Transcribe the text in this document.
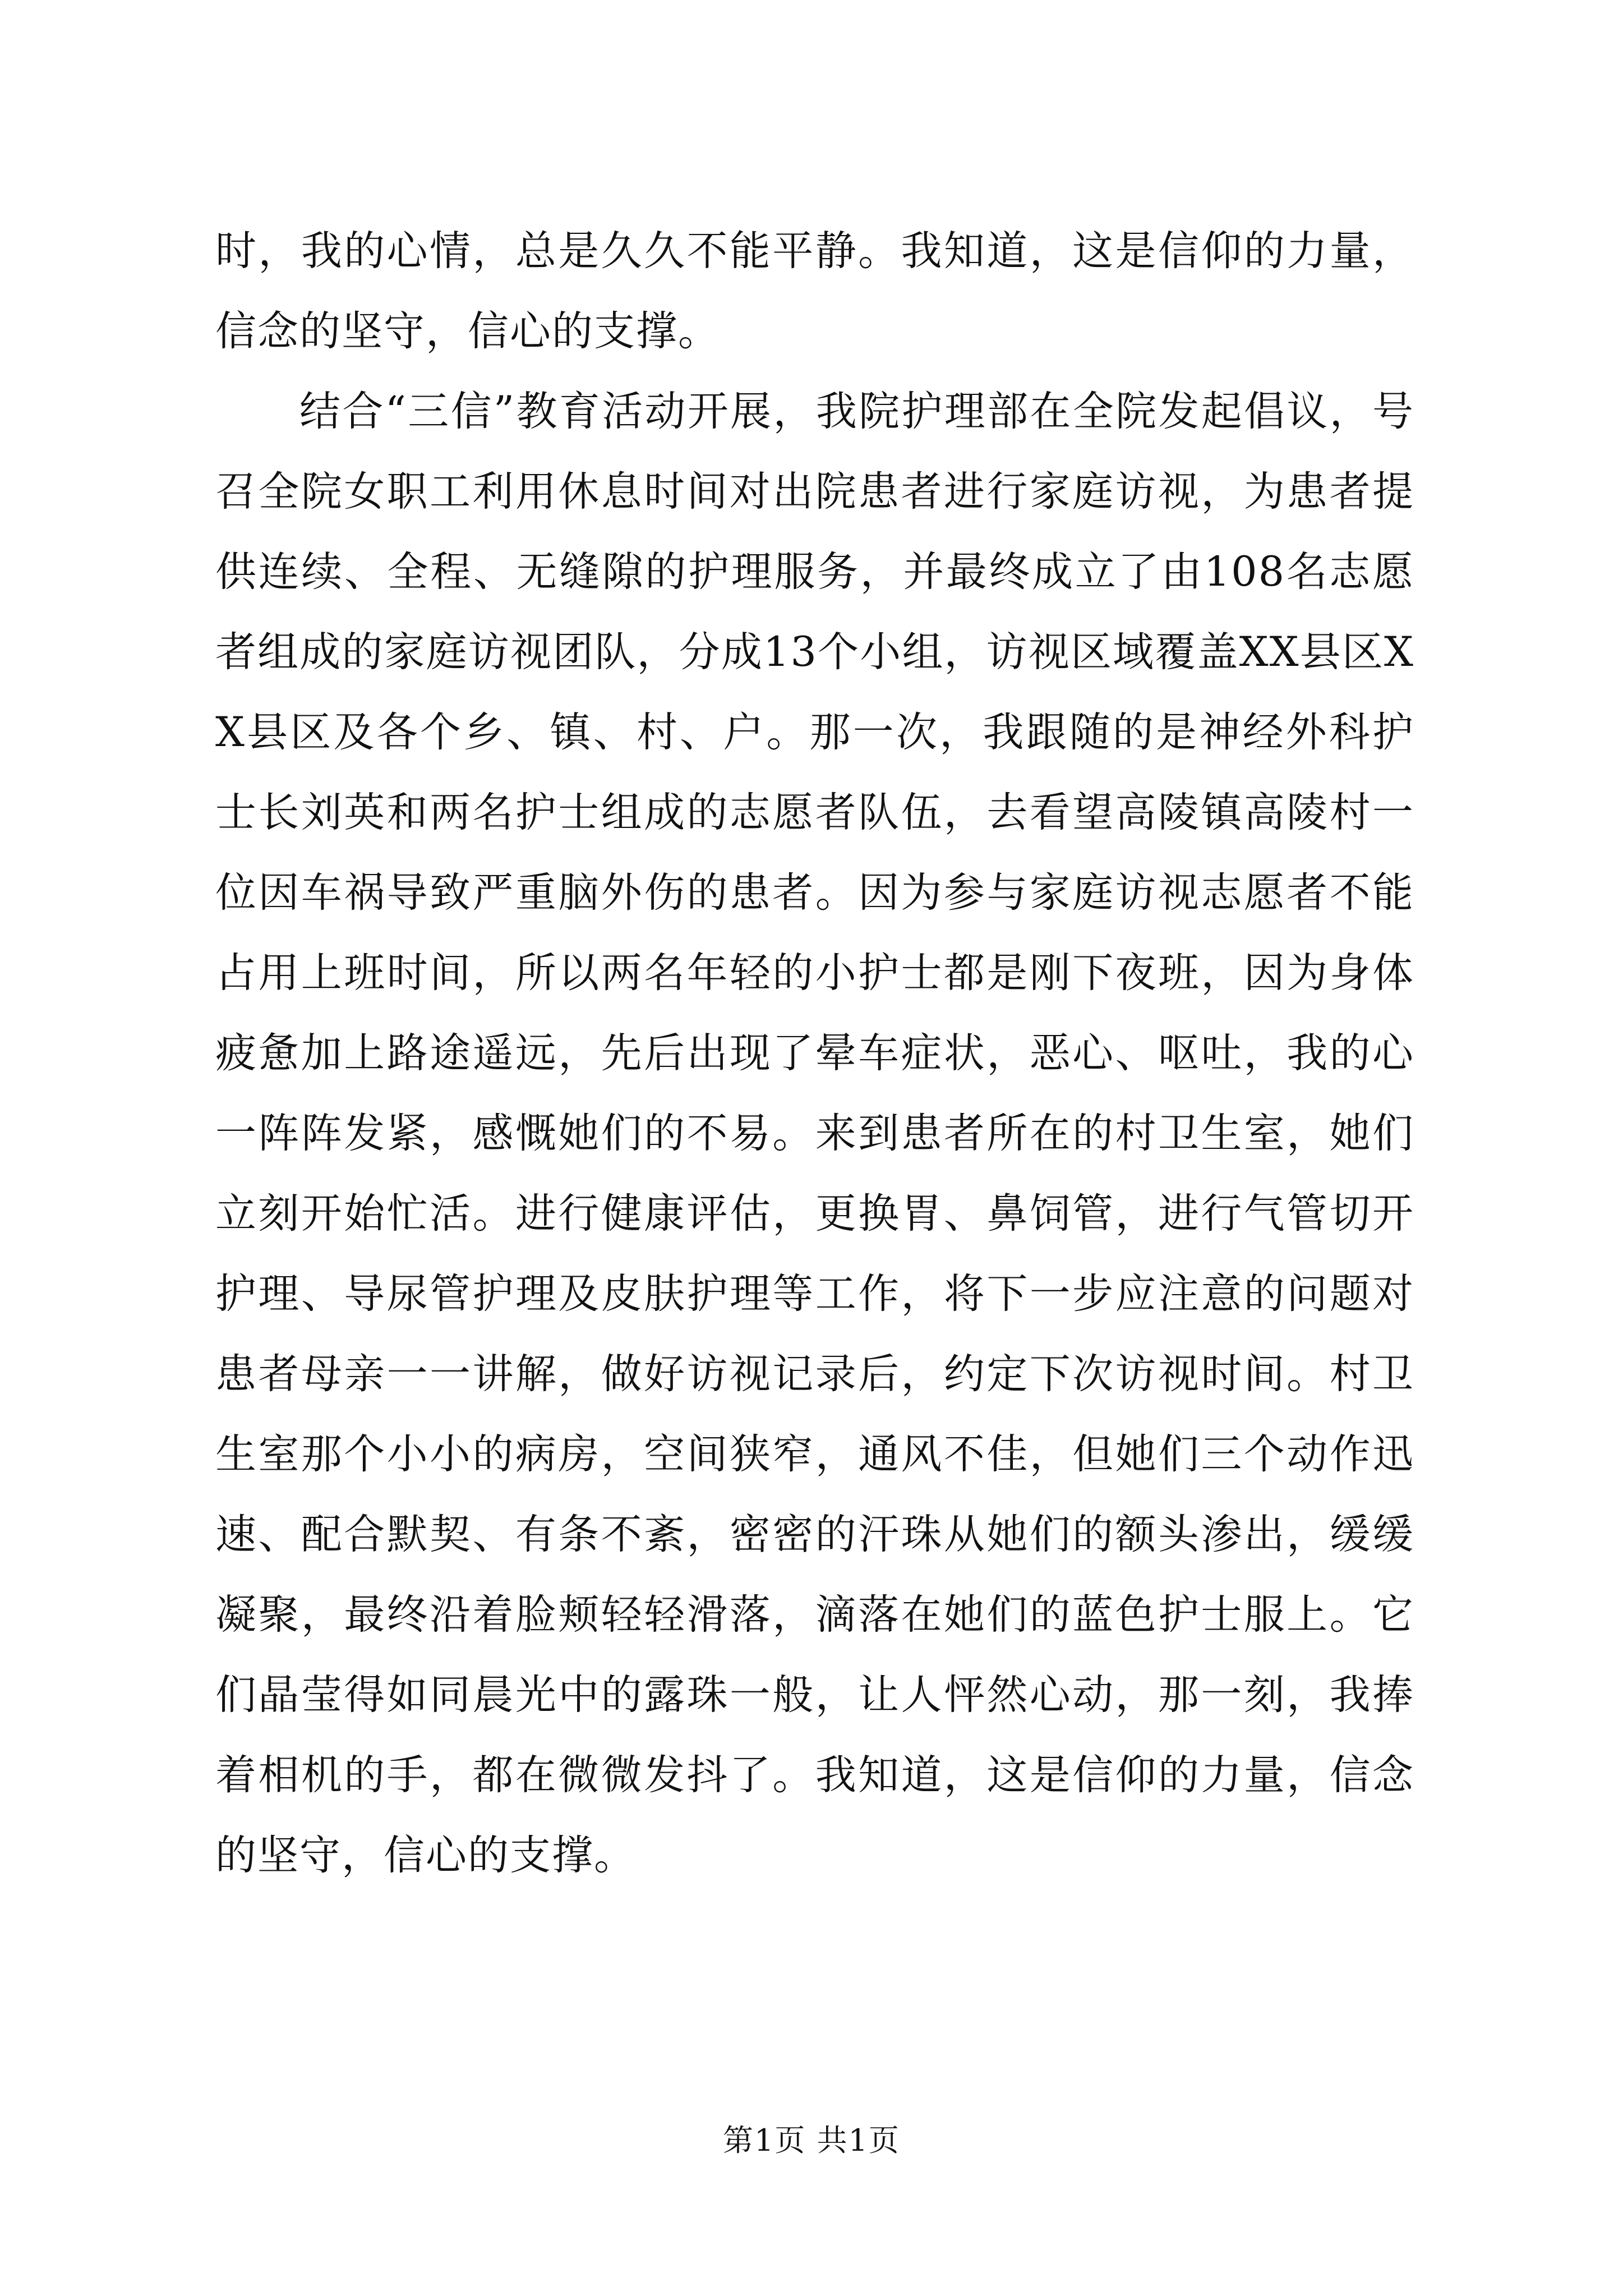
时，我的心情，总是久久不能平静。我知道，这是信仰的力量，信念的坚守，信心的支撑。

结合“三信”教育活动开展，我院护理部在全院发起倡议，号召全院女职工利用休息时间对出院患者进行家庭访视，为患者提供连续、全程、无缝隙的护理服务，并最终成立了由108名志愿者组成的家庭访视团队，分成13个小组，访视区域覆盖XX县区XX县区及各个乡、镇、村、户。那一次，我跟随的是神经外科护士长刘英和两名护士组成的志愿者队伍，去看望高陵镇高陵村一位因车祸导致严重脑外伤的患者。因为参与家庭访视志愿者不能占用上班时间，所以两名年轻的小护士都是刚下夜班，因为身体疲惫加上路途遥远，先后出现了晕车症状，恶心、呕吐，我的心一阵阵发紧，感慨她们的不易。来到患者所在的村卫生室，她们立刻开始忙活。进行健康评估，更换胃、鼻饲管，进行气管切开护理、导尿管护理及皮肤护理等工作，将下一步应注意的问题对患者母亲一一讲解，做好访视记录后，约定下次访视时间。村卫生室那个小小的病房，空间狭窄，通风不佳，但她们三个动作迅速、配合默契、有条不紊，密密的汗珠从她们的额头渗出，缓缓凝聚，最终沿着脸颊轻轻滑落，滴落在她们的蓝色护士服上。它们晶莹得如同晨光中的露珠一般，让人怦然心动，那一刻，我捧着相机的手，都在微微发抖了。我知道，这是信仰的力量，信念的坚守，信心的支撑。

第1页 共1页
